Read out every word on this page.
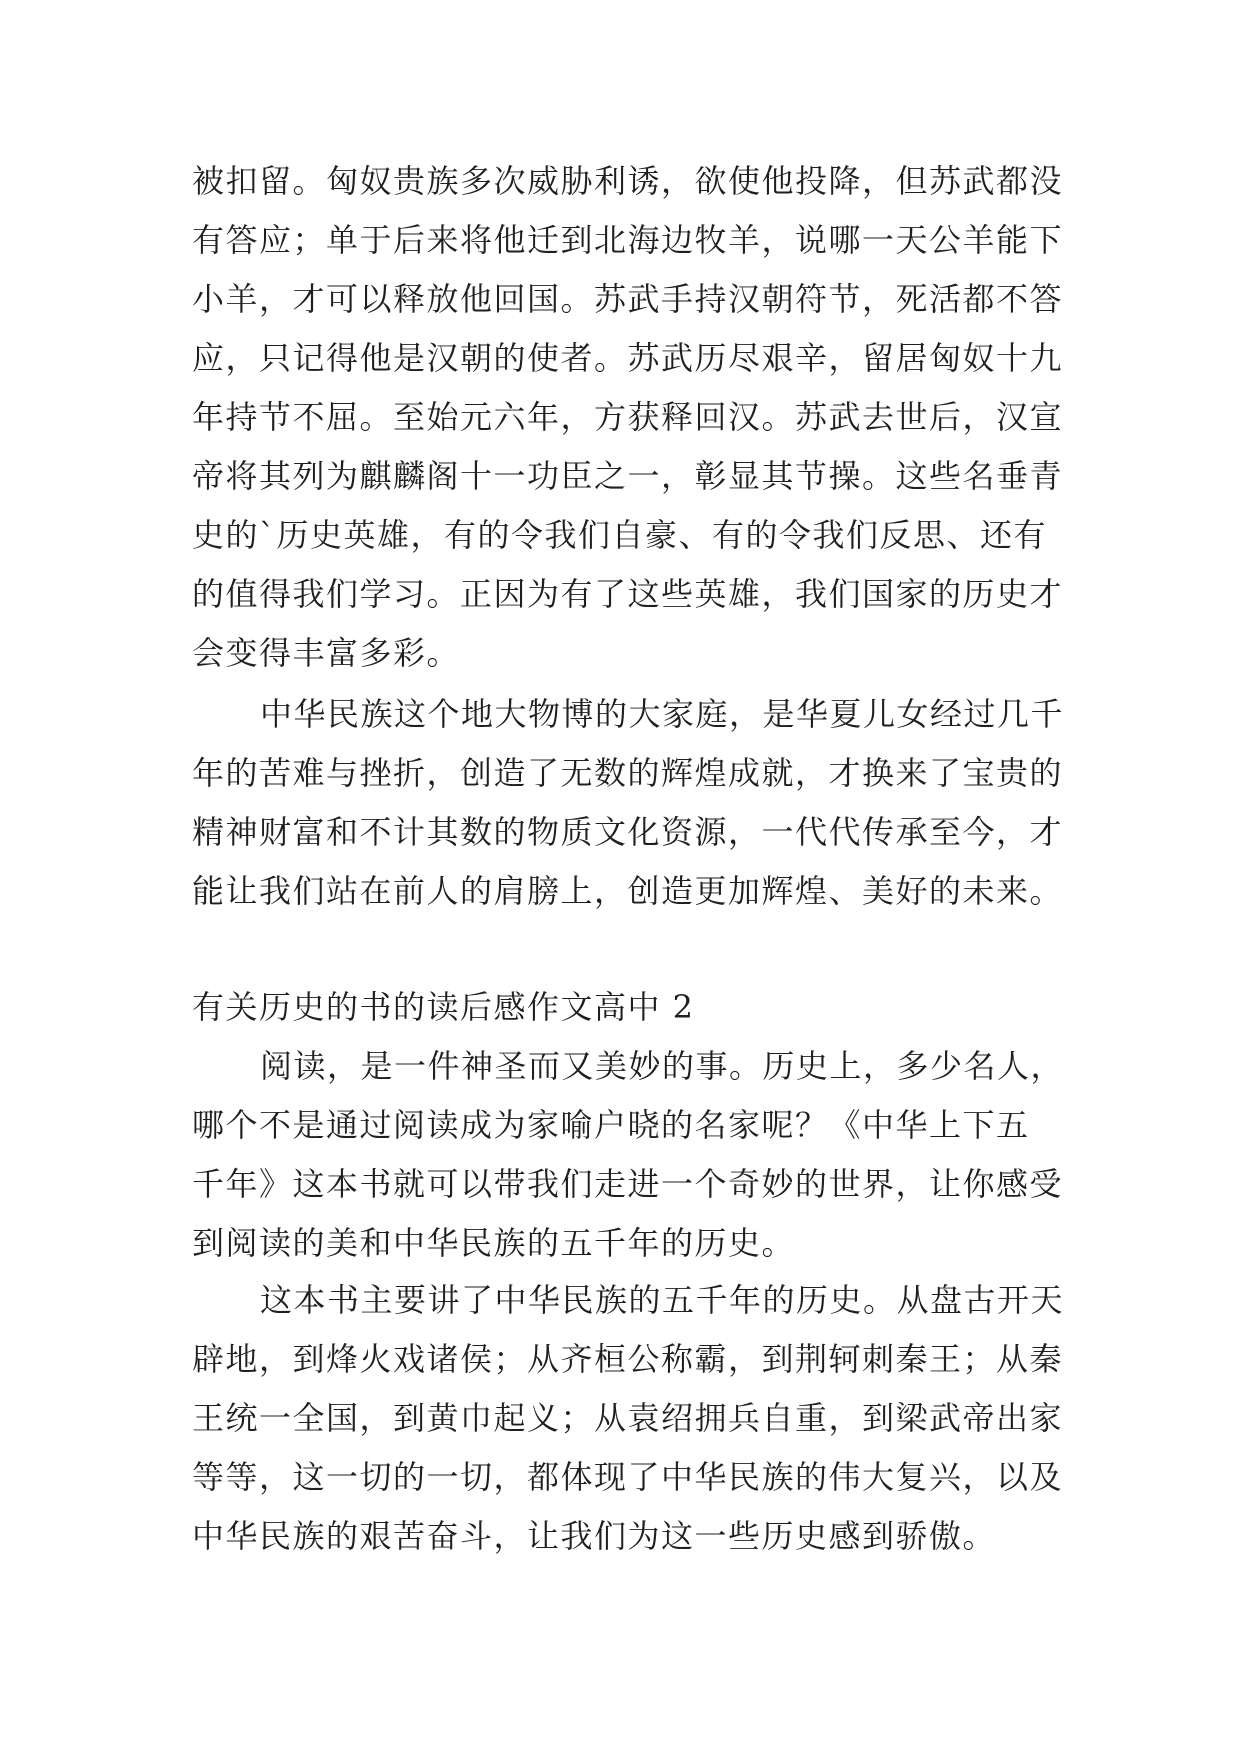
被扣留。匈奴贵族多次威胁利诱，欲使他投降，但苏武都没
有答应；单于后来将他迁到北海边牧羊，说哪一天公羊能下
小羊，才可以释放他回国。苏武手持汉朝符节，死活都不答
应，只记得他是汉朝的使者。苏武历尽艰辛，留居匈奴十九
年持节不屈。至始元六年，方获释回汉。苏武去世后，汉宣
帝将其列为麒麟阁十一功臣之一，彰显其节操。这些名垂青
史的`历史英雄，有的令我们自豪、有的令我们反思、还有
的值得我们学习。正因为有了这些英雄，我们国家的历史才
会变得丰富多彩。
中华民族这个地大物博的大家庭，是华夏儿女经过几千
年的苦难与挫折，创造了无数的辉煌成就，才换来了宝贵的
精神财富和不计其数的物质文化资源，一代代传承至今，才
能让我们站在前人的肩膀上，创造更加辉煌、美好的未来。
有关历史的书的读后感作文高中 2
阅读，是一件神圣而又美妙的事。历史上，多少名人，
哪个不是通过阅读成为家喻户晓的名家呢？《中华上下五
千年》这本书就可以带我们走进一个奇妙的世界，让你感受
到阅读的美和中华民族的五千年的历史。
这本书主要讲了中华民族的五千年的历史。从盘古开天
辟地，到烽火戏诸侯；从齐桓公称霸，到荆轲刺秦王；从秦
王统一全国，到黄巾起义；从袁绍拥兵自重，到梁武帝出家
等等，这一切的一切，都体现了中华民族的伟大复兴，以及
中华民族的艰苦奋斗，让我们为这一些历史感到骄傲。
